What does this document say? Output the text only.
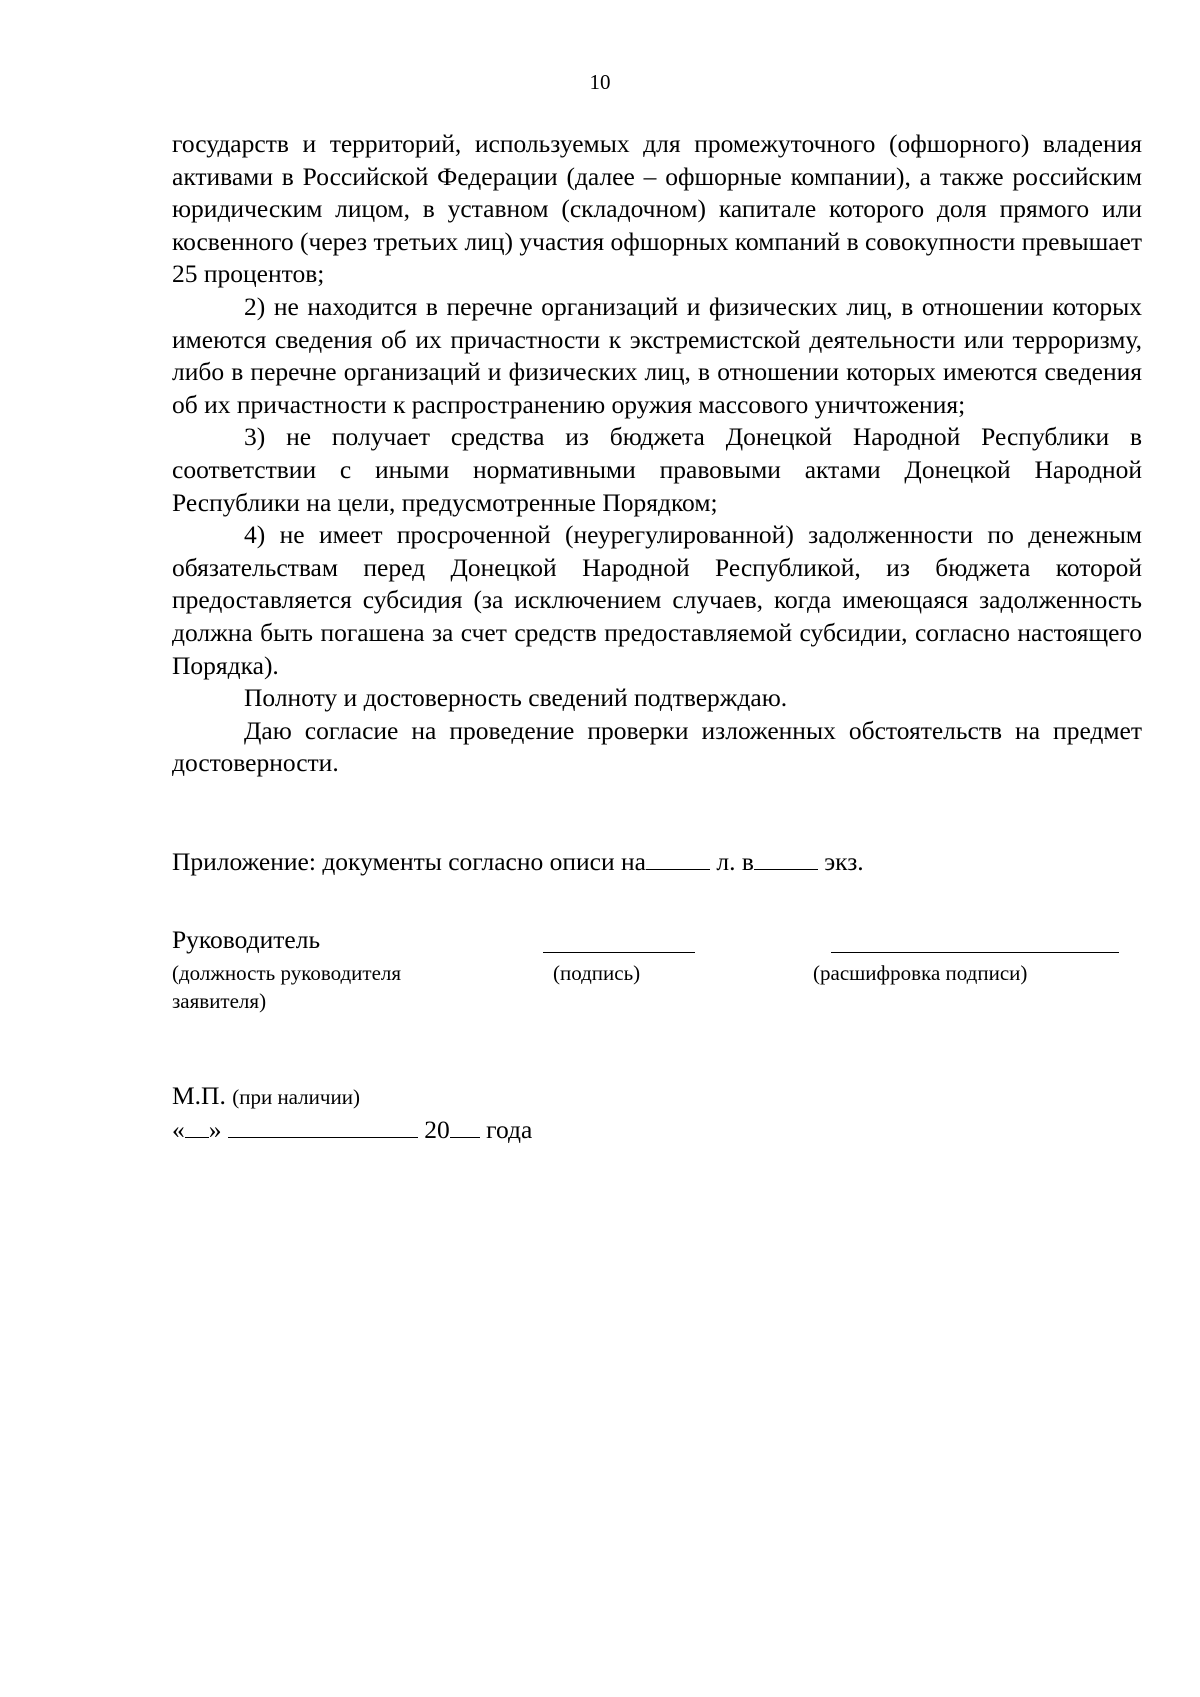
10

государств и территорий, используемых для промежуточного (офшорного) владения активами в Российской Федерации (далее – офшорные компании), а также российским юридическим лицом, в уставном (складочном) капитале которого доля прямого или косвенного (через третьих лиц) участия офшорных компаний в совокупности превышает 25 процентов;

2) не находится в перечне организаций и физических лиц, в отношении которых имеются сведения об их причастности к экстремистской деятельности или терроризму, либо в перечне организаций и физических лиц, в отношении которых имеются сведения об их причастности к распространению оружия массового уничтожения;

3) не получает средства из бюджета Донецкой Народной Республики в соответствии с иными нормативными правовыми актами Донецкой Народной Республики на цели, предусмотренные Порядком;

4) не имеет просроченной (неурегулированной) задолженности по денежным обязательствам перед Донецкой Народной Республикой, из бюджета которой предоставляется субсидия (за исключением случаев, когда имеющаяся задолженность должна быть погашена за счет средств предоставляемой субсидии, согласно настоящего Порядка).

Полноту и достоверность сведений подтверждаю.

Даю согласие на проведение проверки изложенных обстоятельств на предмет достоверности.

Приложение: документы согласно описи на	л. в	экз.
Руководитель
(должность руководителя заявителя)
(подпись)	(расшифровка подписи)
М.П. (при наличии)
« »	20 года
